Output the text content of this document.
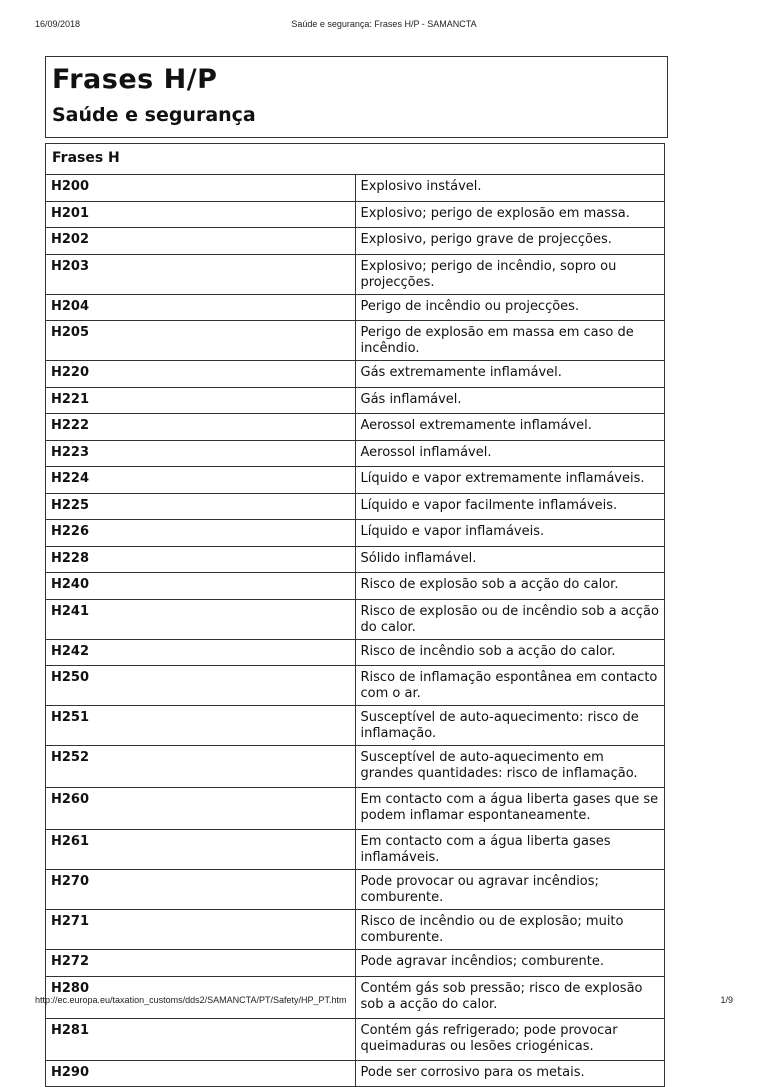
16/09/2018	Saúde e segurança: Frases H/P - SAMANCTA
Frases H/P
Saúde e segurança
Frases H	
H200	Explosivo instável.
H201	Explosivo; perigo de explosão em massa.
H202	Explosivo, perigo grave de projecções.
H203	Explosivo; perigo de incêndio, sopro ou projecções.
H204	Perigo de incêndio ou projecções.
H205	Perigo de explosão em massa em caso de incêndio.
H220	Gás extremamente inflamável.
H221	Gás inflamável.
H222	Aerossol extremamente inflamável.
H223	Aerossol inflamável.
H224	Líquido e vapor extremamente inflamáveis.
H225	Líquido e vapor facilmente inflamáveis.
H226	Líquido e vapor inflamáveis.
H228	Sólido inflamável.
H240	Risco de explosão sob a acção do calor.
H241	Risco de explosão ou de incêndio sob a acção do calor.
H242	Risco de incêndio sob a acção do calor.
H250	Risco de inflamação espontânea em contacto com o ar.
H251	Susceptível de auto-aquecimento: risco de inflamação.
H252	Susceptível de auto-aquecimento em grandes quantidades: risco de inflamação.
H260	Em contacto com a água liberta gases que se podem inflamar espontaneamente.
H261	Em contacto com a água liberta gases inflamáveis.
H270	Pode provocar ou agravar incêndios; comburente.
H271	Risco de incêndio ou de explosão; muito comburente.
H272	Pode agravar incêndios; comburente.
H280	Contém gás sob pressão; risco de explosão sob a acção do calor.
H281	Contém gás refrigerado; pode provocar queimaduras ou lesões criogénicas.
H290	Pode ser corrosivo para os metais.
http://ec.europa.eu/taxation_customs/dds2/SAMANCTA/PT/Safety/HP_PT.htm	1/9
